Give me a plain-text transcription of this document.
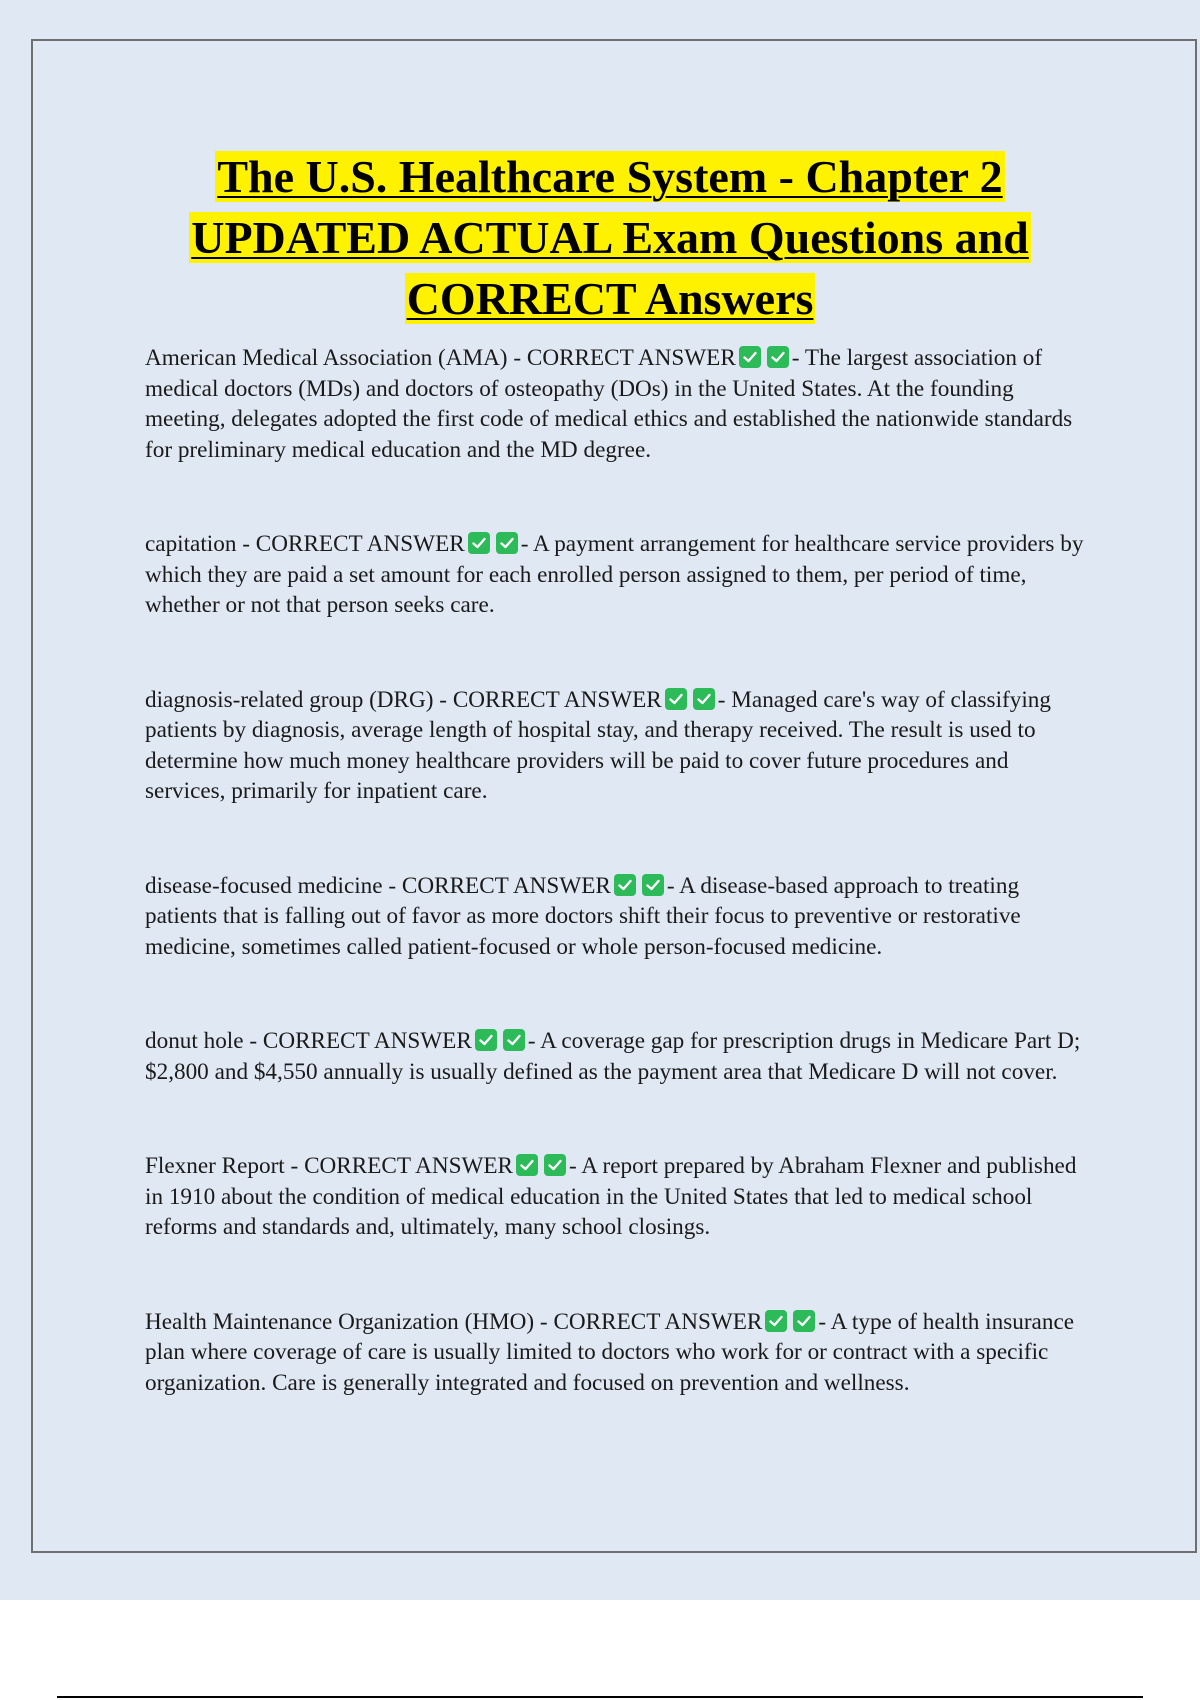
The U.S. Healthcare System - Chapter 2
UPDATED ACTUAL Exam Questions and
CORRECT Answers
American Medical Association (AMA) - CORRECT ANSWER - The largest association of medical doctors (MDs) and doctors of osteopathy (DOs) in the United States. At the founding meeting, delegates adopted the first code of medical ethics and established the nationwide standards for preliminary medical education and the MD degree.
capitation - CORRECT ANSWER - A payment arrangement for healthcare service providers by which they are paid a set amount for each enrolled person assigned to them, per period of time, whether or not that person seeks care.
diagnosis-related group (DRG) - CORRECT ANSWER - Managed care's way of classifying patients by diagnosis, average length of hospital stay, and therapy received. The result is used to determine how much money healthcare providers will be paid to cover future procedures and services, primarily for inpatient care.
disease-focused medicine - CORRECT ANSWER - A disease-based approach to treating patients that is falling out of favor as more doctors shift their focus to preventive or restorative medicine, sometimes called patient-focused or whole person-focused medicine.
donut hole - CORRECT ANSWER - A coverage gap for prescription drugs in Medicare Part D; $2,800 and $4,550 annually is usually defined as the payment area that Medicare D will not cover.
Flexner Report - CORRECT ANSWER - A report prepared by Abraham Flexner and published in 1910 about the condition of medical education in the United States that led to medical school reforms and standards and, ultimately, many school closings.
Health Maintenance Organization (HMO) - CORRECT ANSWER - A type of health insurance plan where coverage of care is usually limited to doctors who work for or contract with a specific organization. Care is generally integrated and focused on prevention and wellness.
